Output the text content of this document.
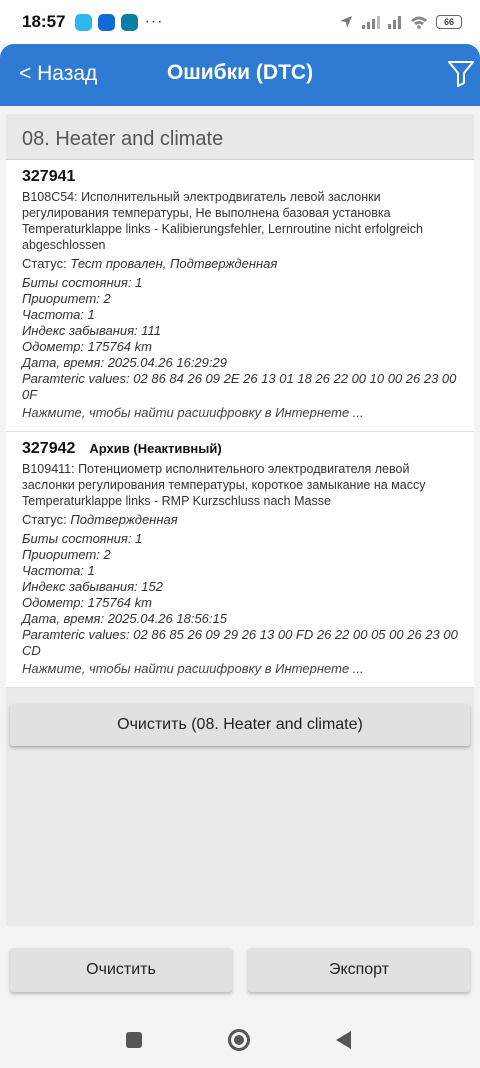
18:57	···	66
< Назад	Ошибки (DTC)
08. Heater and climate
327941
B108C54: Исполнительный электродвигатель левой заслонки регулирования температуры, Не выполнена базовая установка Temperaturklappe links - Kalibierungsfehler, Lernroutine nicht erfolgreich abgeschlossen
Статус: Тест провален, Подтвержденная
Биты состояния: 1
Приоритет: 2
Частота: 1
Индекс забывания: 111
Одометр: 175764 km
Дата, время: 2025.04.26 16:29:29
Paramteric values: 02 86 84 26 09 2E 26 13 01 18 26 22 00 10 00 26 23 00 0F
Нажмите, чтобы найти расшифровку в Интернете ...
327942 Архив (Неактивный)
B109411: Потенциометр исполнительного электродвигателя левой заслонки регулирования температуры, короткое замыкание на массу Temperaturklappe links - RMP Kurzschluss nach Masse
Статус: Подтвержденная
Биты состояния: 1
Приоритет: 2
Частота: 1
Индекс забывания: 152
Одометр: 175764 km
Дата, время: 2025.04.26 18:56:15
Paramteric values: 02 86 85 26 09 29 26 13 00 FD 26 22 00 05 00 26 23 00 CD
Нажмите, чтобы найти расшифровку в Интернете ...
Очистить (08. Heater and climate)
Очистить	Экспорт
